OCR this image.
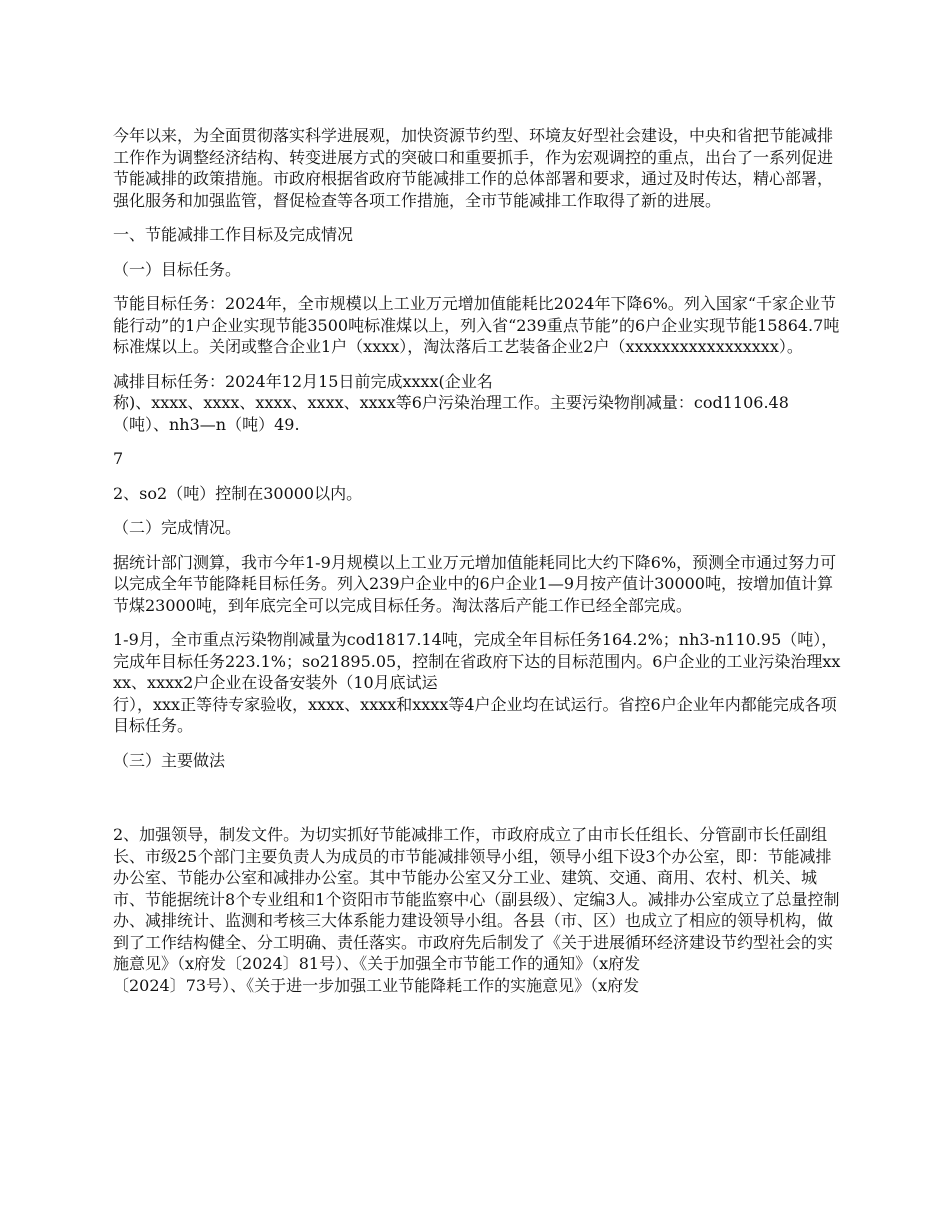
今年以来，为全面贯彻落实科学进展观，加快资源节约型、环境友好型社会建设，中央和省把节能减排工作作为调整经济结构、转变进展方式的突破口和重要抓手，作为宏观调控的重点，出台了一系列促进节能减排的政策措施。市政府根据省政府节能减排工作的总体部署和要求，通过及时传达，精心部署，强化服务和加强监管，督促检查等各项工作措施，全市节能减排工作取得了新的进展。

一、节能减排工作目标及完成情况

（一）目标任务。

节能目标任务：2024年，全市规模以上工业万元增加值能耗比2024年下降6%。列入国家“千家企业节能行动”的1户企业实现节能3500吨标准煤以上，列入省“239重点节能”的6户企业实现节能15864.7吨标准煤以上。关闭或整合企业1户（xxxx），淘汰落后工艺装备企业2户（xxxxxxxxxxxxxxxxx）。

减排目标任务：2024年12月15日前完成xxxx(企业名
称)、xxxx、xxxx、xxxx、xxxx、xxxx等6户污染治理工作。主要污染物削减量：cod1106.48（吨）、nh3—n（吨）49.

7

2、so2（吨）控制在30000以内。

（二）完成情况。

据统计部门测算，我市今年1-9月规模以上工业万元增加值能耗同比大约下降6%，预测全市通过努力可以完成全年节能降耗目标任务。列入239户企业中的6户企业1—9月按产值计30000吨，按增加值计算节煤23000吨，到年底完全可以完成目标任务。淘汰落后产能工作已经全部完成。

1-9月，全市重点污染物削减量为cod1817.14吨，完成全年目标任务164.2%；nh3-n110.95（吨），完成年目标任务223.1%；so21895.05，控制在省政府下达的目标范围内。6户企业的工业污染治理xxxx、xxxx2户企业在设备安装外（10月底试运
行），xxx正等待专家验收，xxxx、xxxx和xxxx等4户企业均在试运行。省控6户企业年内都能完成各项目标任务。

（三）主要做法

2、加强领导，制发文件。为切实抓好节能减排工作，市政府成立了由市长任组长、分管副市长任副组长、市级25个部门主要负责人为成员的市节能减排领导小组，领导小组下设3个办公室，即：节能减排办公室、节能办公室和减排办公室。其中节能办公室又分工业、建筑、交通、商用、农村、机关、城市、节能据统计8个专业组和1个资阳市节能监察中心（副县级）、定编3人。减排办公室成立了总量控制办、减排统计、监测和考核三大体系能力建设领导小组。各县（市、区）也成立了相应的领导机构，做到了工作结构健全、分工明确、责任落实。市政府先后制发了《关于进展循环经济建设节约型社会的实施意见》（x府发〔2024〕81号）、《关于加强全市节能工作的通知》（x府发
〔2024〕73号）、《关于进一步加强工业节能降耗工作的实施意见》（x府发
